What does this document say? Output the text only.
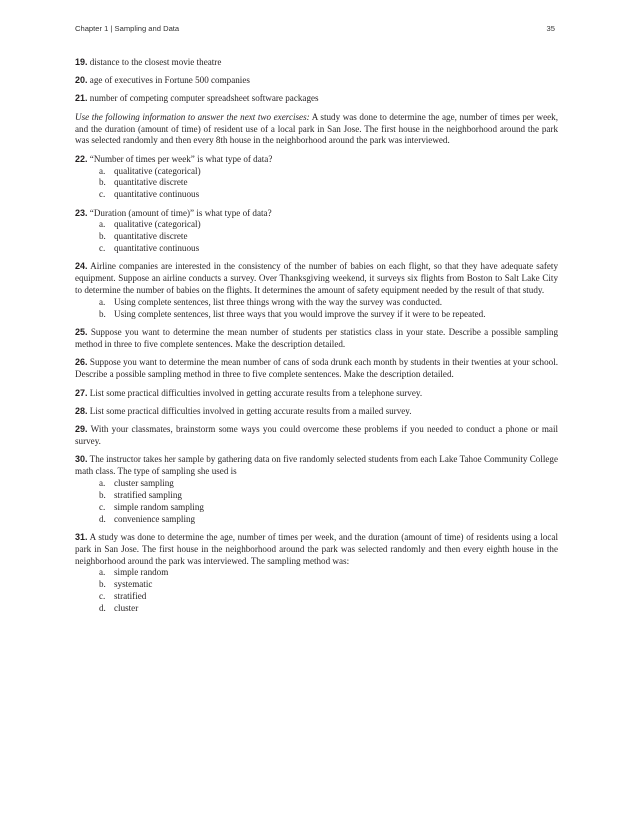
Chapter 1 | Sampling and Data	35

19. distance to the closest movie theatre

20. age of executives in Fortune 500 companies

21. number of competing computer spreadsheet software packages

Use the following information to answer the next two exercises: A study was done to determine the age, number of times per week, and the duration (amount of time) of resident use of a local park in San Jose. The first house in the neighborhood around the park was selected randomly and then every 8th house in the neighborhood around the park was interviewed.

22. “Number of times per week” is what type of data?

a. qualitative (categorical)
b. quantitative discrete
c. quantitative continuous

23. “Duration (amount of time)” is what type of data?

a. qualitative (categorical)
b. quantitative discrete
c. quantitative continuous

24. Airline companies are interested in the consistency of the number of babies on each flight, so that they have adequate safety equipment. Suppose an airline conducts a survey. Over Thanksgiving weekend, it surveys six flights from Boston to Salt Lake City to determine the number of babies on the flights. It determines the amount of safety equipment needed by the result of that study.

a. Using complete sentences, list three things wrong with the way the survey was conducted.
b. Using complete sentences, list three ways that you would improve the survey if it were to be repeated.

25. Suppose you want to determine the mean number of students per statistics class in your state. Describe a possible sampling method in three to five complete sentences. Make the description detailed.

26. Suppose you want to determine the mean number of cans of soda drunk each month by students in their twenties at your school. Describe a possible sampling method in three to five complete sentences. Make the description detailed.

27. List some practical difficulties involved in getting accurate results from a telephone survey.

28. List some practical difficulties involved in getting accurate results from a mailed survey.

29. With your classmates, brainstorm some ways you could overcome these problems if you needed to conduct a phone or mail survey.

30. The instructor takes her sample by gathering data on five randomly selected students from each Lake Tahoe Community College math class. The type of sampling she used is

a. cluster sampling
b. stratified sampling
c. simple random sampling
d. convenience sampling

31. A study was done to determine the age, number of times per week, and the duration (amount of time) of residents using a local park in San Jose. The first house in the neighborhood around the park was selected randomly and then every eighth house in the neighborhood around the park was interviewed. The sampling method was:

a. simple random
b. systematic
c. stratified
d. cluster
